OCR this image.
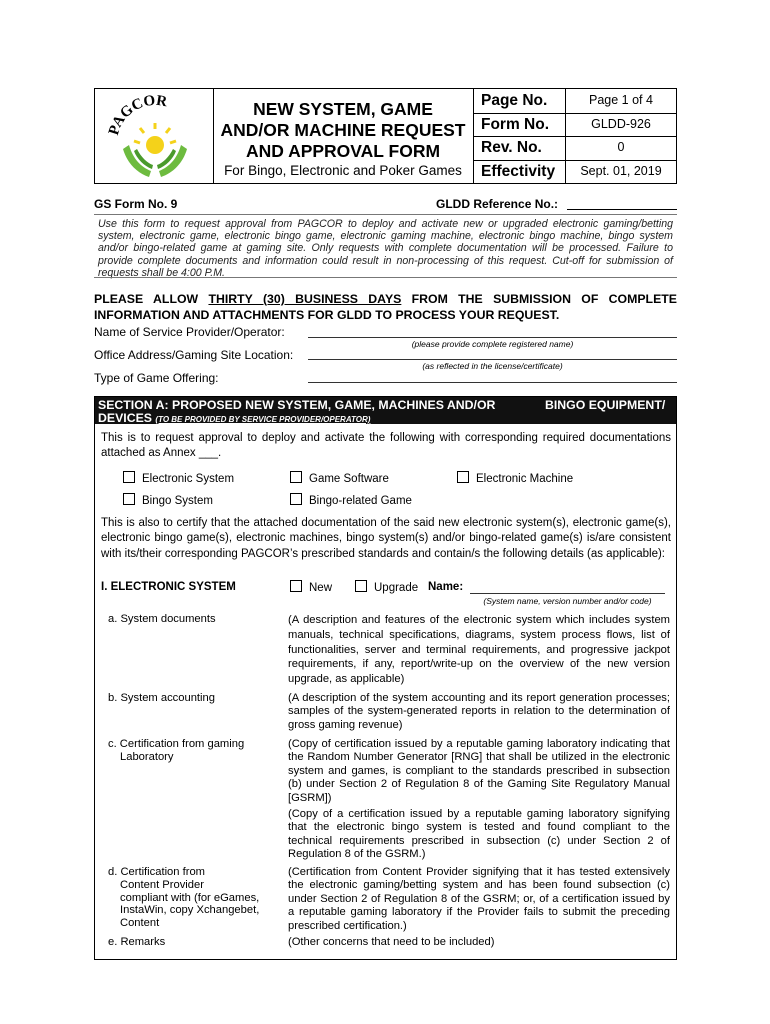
PAGCOR	NEW SYSTEM, GAME
AND/OR MACHINE REQUEST
AND APPROVAL FORM
For Bingo, Electronic and Poker Games
Page No.	Page 1 of 4
Form No.	GLDD-926
Rev. No.	0
Effectivity	Sept. 01, 2019
GS Form No. 9	GLDD Reference No.:
Use this form to request approval from PAGCOR to deploy and activate new or upgraded electronic gaming/betting system, electronic game, electronic bingo game, electronic gaming machine, electronic bingo machine, bingo system and/or bingo-related game at gaming site. Only requests with complete documentation will be processed. Failure to provide complete documents and information could result in non-processing of this request. Cut-off for submission of requests shall be 4:00 P.M.
PLEASE ALLOW THIRTY (30) BUSINESS DAYS FROM THE SUBMISSION OF COMPLETE INFORMATION AND ATTACHMENTS FOR GLDD TO PROCESS YOUR REQUEST.
Name of Service Provider/Operator:
(please provide complete registered name)
Office Address/Gaming Site Location:
(as reflected in the license/certificate)
Type of Game Offering:
SECTION A: PROPOSED NEW SYSTEM, GAME, MACHINES AND/OR	BINGO EQUIPMENT/
DEVICES (TO BE PROVIDED BY SERVICE PROVIDER/OPERATOR)
This is to request approval to deploy and activate the following with corresponding required documentations attached as Annex ___.
Electronic System	Game Software	Electronic Machine
Bingo System	Bingo-related Game
This is also to certify that the attached documentation of the said new electronic system(s), electronic game(s), electronic bingo game(s), electronic machines, bingo system(s) and/or bingo-related game(s) is/are consistent with its/their corresponding PAGCOR’s prescribed standards and contain/s the following details (as applicable):
I. ELECTRONIC SYSTEM	New	Upgrade Name:
(System name, version number and/or code)
a. System documents	(A description and features of the electronic system which includes system manuals, technical specifications, diagrams, system process flows, list of functionalities, server and terminal requirements, and progressive jackpot requirements, if any, report/write-up on the overview of the new version upgrade, as applicable)
b. System accounting	(A description of the system accounting and its report generation processes; samples of the system-generated reports in relation to the determination of gross gaming revenue)
c. Certification from gaming
Laboratory
(Copy of certification issued by a reputable gaming laboratory indicating that the Random Number Generator [RNG] that shall be utilized in the electronic system and games, is compliant to the standards prescribed in subsection (b) under Section 2 of Regulation 8 of the Gaming Site Regulatory Manual [GSRM])
(Copy of a certification issued by a reputable gaming laboratory signifying that the electronic bingo system is tested and found compliant to the technical requirements prescribed in subsection (c) under Section 2 of Regulation 8 of the GSRM.)
d. Certification from
Content Provider
compliant with (for eGames,
InstaWin, copy Xchangebet,
Content
(Certification from Content Provider signifying that it has tested extensively the electronic gaming/betting system and has been found subsection (c) under Section 2 of Regulation 8 of the GSRM; or, of a certification issued by a reputable gaming laboratory if the Provider fails to submit the preceding prescribed certification.)
e. Remarks	(Other concerns that need to be included)
